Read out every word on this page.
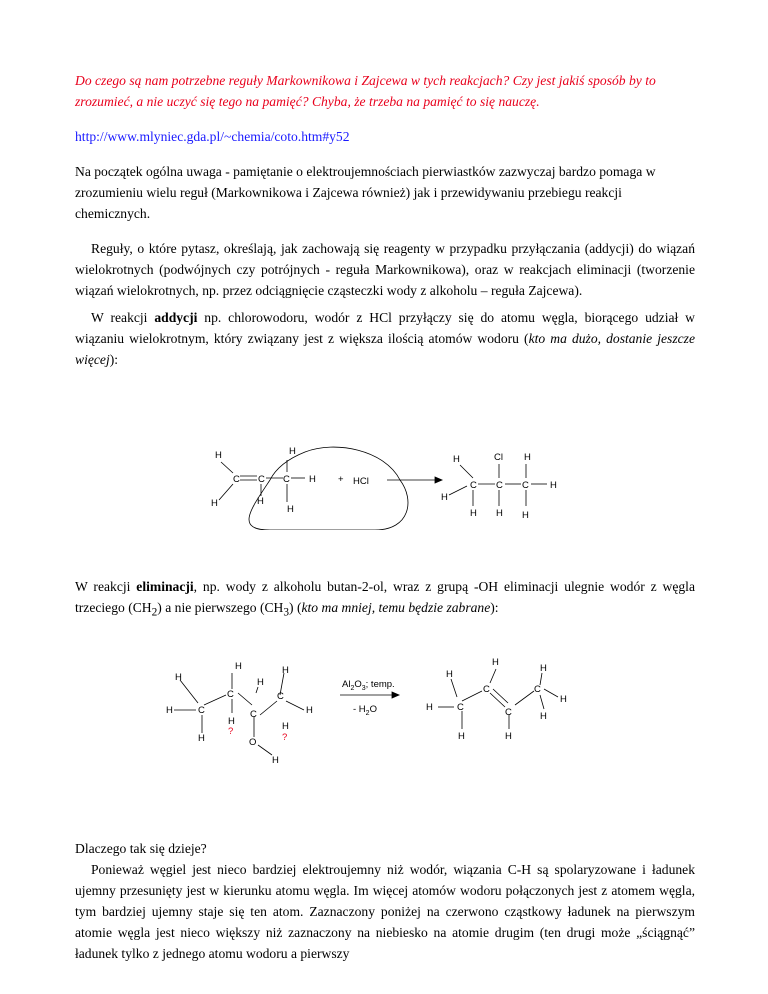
Do czego są nam potrzebne reguły Markownikowa i Zajcewa w tych reakcjach? Czy jest jakiś sposób by to zrozumieć, a nie uczyć się tego na pamięć? Chyba, że trzeba na pamięć to się nauczę.

http://www.mlyniec.gda.pl/~chemia/coto.htm#y52

Na początek ogólna uwaga - pamiętanie o elektroujemnościach pierwiastków zazwyczaj bardzo pomaga w zrozumieniu wielu reguł (Markownikowa i Zajcewa również) jak i przewidywaniu przebiegu reakcji chemicznych.

Reguły, o które pytasz, określają, jak zachowają się reagenty w przypadku przyłączania (addycji) do wiązań wielokrotnych (podwójnych czy potrójnych - reguła Markownikowa), oraz w reakcjach eliminacji (tworzenie wiązań wielokrotnych, np. przez odciągnięcie cząsteczki wody z alkoholu – reguła Zajcewa).

W reakcji addycji np. chlorowodoru, wodór z HCl przyłączy się do atomu węgla, biorącego udział w wiązaniu wielokrotnym, który związany jest z większa ilością atomów wodoru (kto ma dużo, dostanie jeszcze więcej):

W reakcji eliminacji, np. wody z alkoholu butan-2-ol, wraz z grupą -OH eliminacji ulegnie wodór z węgla trzeciego $(CH_2)$ a nie pierwszego $(CH_3)$ (kto ma mniej, temu będzie zabrane):

Dlaczego tak się dzieje?

Ponieważ węgiel jest nieco bardziej elektroujemny niż wodór, wiązania C-H są spolaryzowane i ładunek ujemny przesunięty jest w kierunku atomu węgla. Im więcej atomów wodoru połączonych jest z atomem węgla, tym bardziej ujemny staje się ten atom. Zaznaczony poniżej na czerwono cząstkowy ładunek na pierwszym atomie węgla jest nieco większy niż zaznaczony na niebiesko na atomie drugim (ten drugi może „ściągnąć” ładunek tylko z jednego atomu wodoru a pierwszy

H	H
C C C H
H	H
H
+ HCl
H	Cl H
C C C H
H
H H H
H	H
H	H
C	C
H	C	H
C
H
?	H
?
H	O
H
$Al_2O_3$; temp.
- $H_2O$
H
H
H
C	C
H
H	C	C	H
H	H
